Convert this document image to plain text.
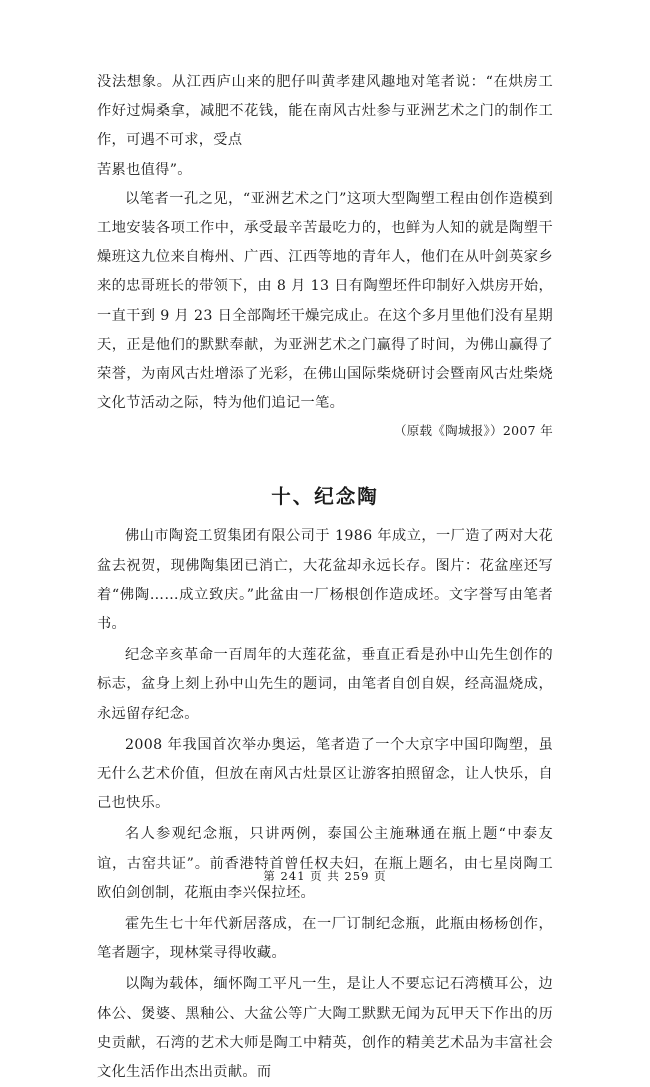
没法想象。从江西庐山来的肥仔叫黄孝建风趣地对笔者说：“在烘房工作好过焗桑拿，减肥不花钱，能在南风古灶参与亚洲艺术之门的制作工作，可遇不可求，受点
苦累也值得”。

以笔者一孔之见，“亚洲艺术之门”这项大型陶塑工程由创作造模到工地安装各项工作中，承受最辛苦最吃力的，也鲜为人知的就是陶塑干燥班这九位来自梅州、广西、江西等地的青年人，他们在从叶剑英家乡来的忠哥班长的带领下，由 8 月 13 日有陶塑坯件印制好入烘房开始，一直干到 9 月 23 日全部陶坯干燥完成止。在这个多月里他们没有星期天，正是他们的默默奉献，为亚洲艺术之门赢得了时间，为佛山赢得了荣誉，为南风古灶增添了光彩，在佛山国际柴烧研讨会暨南风古灶柴烧文化节活动之际，特为他们追记一笔。

（原载《陶城报》）2007 年

十、纪念陶

佛山市陶瓷工贸集团有限公司于 1986 年成立，一厂造了两对大花盆去祝贺，现佛陶集团已消亡，大花盆却永远长存。图片：花盆座还写着“佛陶……成立致庆。”此盆由一厂杨根创作造成坯。文字誉写由笔者书。

纪念辛亥革命一百周年的大莲花盆，垂直正看是孙中山先生创作的标志，盆身上刻上孙中山先生的题词，由笔者自创自娱，经高温烧成，永远留存纪念。

2008 年我国首次举办奥运，笔者造了一个大京字中国印陶塑，虽无什么艺术价值，但放在南风古灶景区让游客拍照留念，让人快乐，自己也快乐。

名人参观纪念瓶，只讲两例，泰国公主施琳通在瓶上题“中泰友谊，古窑共证”。前香港特首曾任权夫妇，在瓶上题名，由七星岗陶工欧伯剑创制，花瓶由李兴保拉坯。

霍先生七十年代新居落成，在一厂订制纪念瓶，此瓶由杨杨创作，笔者题字，现林棠寻得收藏。

以陶为载体，缅怀陶工平凡一生，是让人不要忘记石湾横耳公，边体公、煲婆、黑釉公、大盆公等广大陶工默默无闻为瓦甲天下作出的历史贡献，石湾的艺术大师是陶工中精英，创作的精美艺术品为丰富社会文化生活作出杰出贡献。而

第 241 页 共 259 页
